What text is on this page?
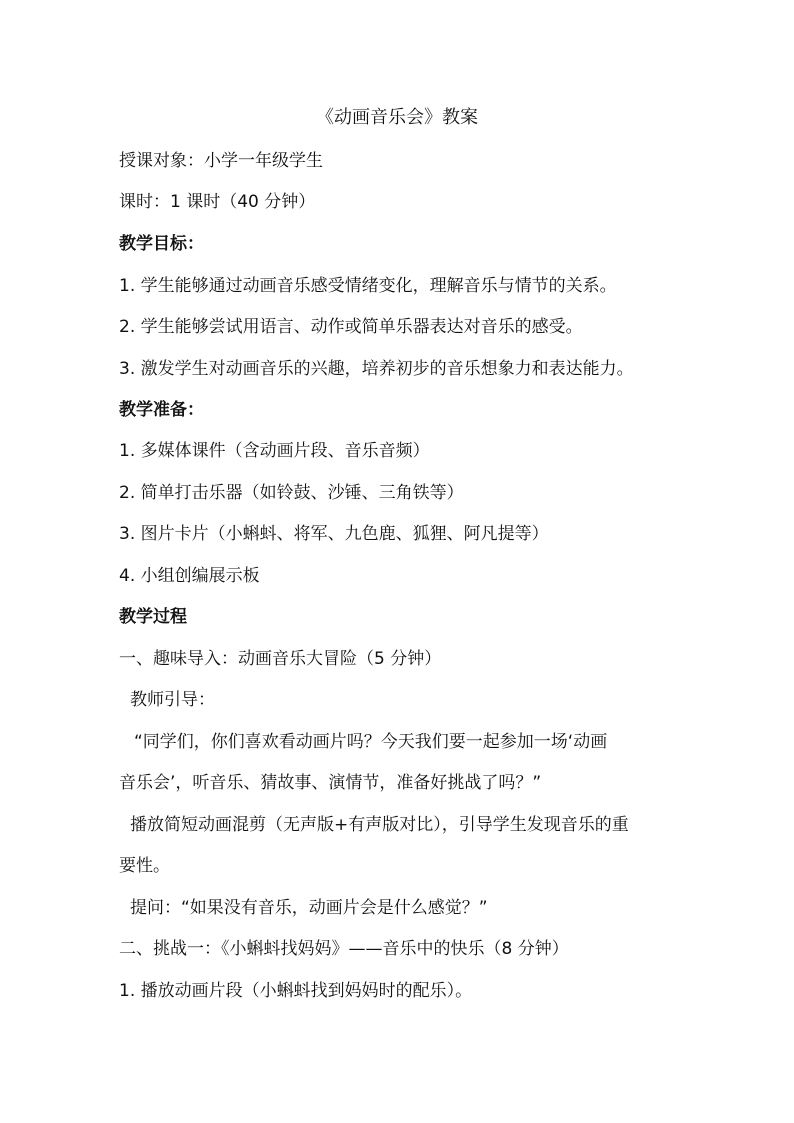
《动画音乐会》教案
授课对象：小学一年级学生
课时：1 课时（40 分钟）
教学目标：
1. 学生能够通过动画音乐感受情绪变化，理解音乐与情节的关系。
2. 学生能够尝试用语言、动作或简单乐器表达对音乐的感受。
3. 激发学生对动画音乐的兴趣，培养初步的音乐想象力和表达能力。
教学准备：
1. 多媒体课件（含动画片段、音乐音频）
2. 简单打击乐器（如铃鼓、沙锤、三角铁等）
3. 图片卡片（小蝌蚪、将军、九色鹿、狐狸、阿凡提等）
4. 小组创编展示板
教学过程
一、趣味导入：动画音乐大冒险（5 分钟）
教师引导：
“同学们，你们喜欢看动画片吗？今天我们要一起参加一场‘动画
音乐会’，听音乐、猜故事、演情节，准备好挑战了吗？”
播放简短动画混剪（无声版+有声版对比），引导学生发现音乐的重
要性。
提问：“如果没有音乐，动画片会是什么感觉？”
二、挑战一：《小蝌蚪找妈妈》——音乐中的快乐（8 分钟）
1. 播放动画片段（小蝌蚪找到妈妈时的配乐）。
